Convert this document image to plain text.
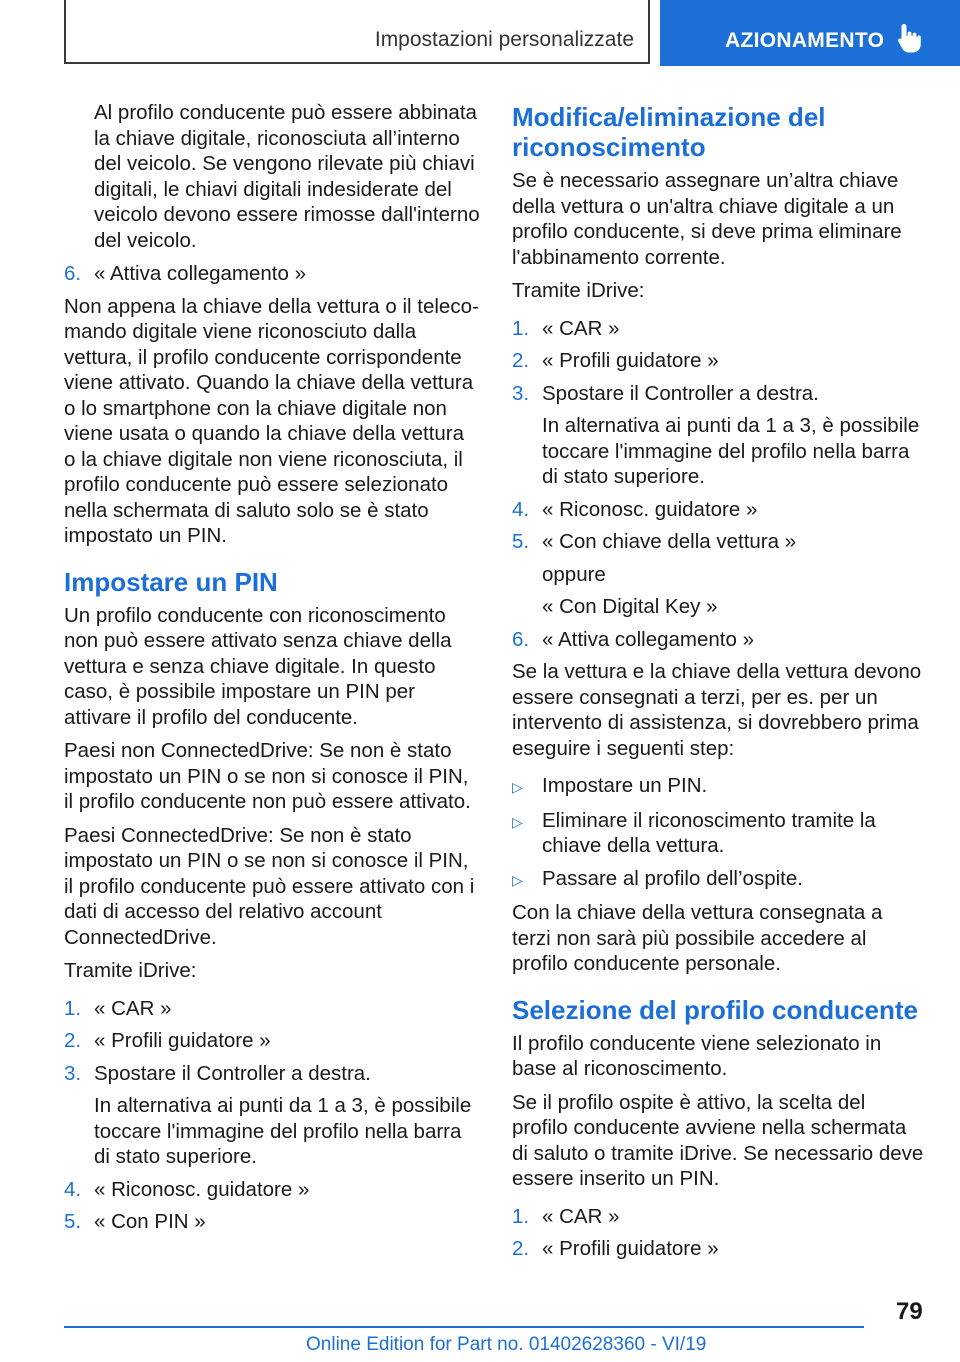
Impostazioni personalizzate	AZIONAMENTO
Al profilo conducente può essere abbinata la chiave digitale, riconosciuta all’interno del veicolo. Se vengono rilevate più chiavi digitali, le chiavi digitali indesiderate del veicolo devono essere rimosse dall'interno del veicolo.
6. « Attiva collegamento »
Non appena la chiave della vettura o il telecomando digitale viene riconosciuto dalla vettura, il profilo conducente corrispondente viene attivato. Quando la chiave della vettura o lo smartphone con la chiave digitale non viene usata o quando la chiave della vettura o la chiave digitale non viene riconosciuta, il profilo conducente può essere selezionato nella schermata di saluto solo se è stato impostato un PIN.
Impostare un PIN
Un profilo conducente con riconoscimento non può essere attivato senza chiave della vettura e senza chiave digitale. In questo caso, è possibile impostare un PIN per attivare il profilo del conducente.
Paesi non ConnectedDrive: Se non è stato impostato un PIN o se non si conosce il PIN, il profilo conducente non può essere attivato.
Paesi ConnectedDrive: Se non è stato impostato un PIN o se non si conosce il PIN, il profilo conducente può essere attivato con i dati di accesso del relativo account ConnectedDrive.
Tramite iDrive:
1. « CAR »
2. « Profili guidatore »
3. Spostare il Controller a destra.
In alternativa ai punti da 1 a 3, è possibile toccare l'immagine del profilo nella barra di stato superiore.
4. « Riconosc. guidatore »
5. « Con PIN »
Modifica/eliminazione del riconoscimento
Se è necessario assegnare un’altra chiave della vettura o un'altra chiave digitale a un profilo conducente, si deve prima eliminare l'abbinamento corrente.
Tramite iDrive:
1. « CAR »
2. « Profili guidatore »
3. Spostare il Controller a destra.
In alternativa ai punti da 1 a 3, è possibile toccare l'immagine del profilo nella barra di stato superiore.
4. « Riconosc. guidatore »
5. « Con chiave della vettura »
oppure
« Con Digital Key »
6. « Attiva collegamento »
Se la vettura e la chiave della vettura devono essere consegnati a terzi, per es. per un intervento di assistenza, si dovrebbero prima eseguire i seguenti step:
▷ Impostare un PIN.
▷ Eliminare il riconoscimento tramite la chiave della vettura.
▷ Passare al profilo dell’ospite.
Con la chiave della vettura consegnata a terzi non sarà più possibile accedere al profilo conducente personale.
Selezione del profilo conducente
Il profilo conducente viene selezionato in base al riconoscimento.
Se il profilo ospite è attivo, la scelta del profilo conducente avviene nella schermata di saluto o tramite iDrive. Se necessario deve essere inserito un PIN.
1. « CAR »
2. « Profili guidatore »
79
Online Edition for Part no. 01402628360 - VI/19
